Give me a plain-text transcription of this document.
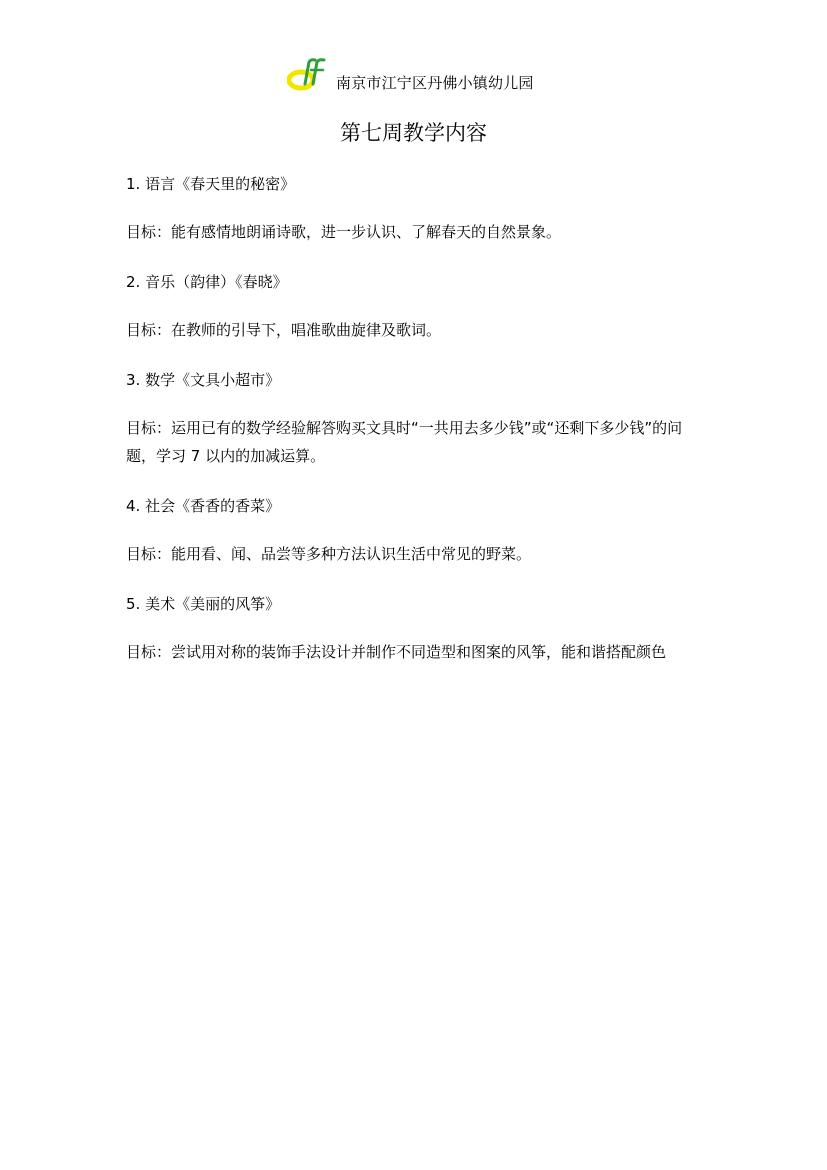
南京市江宁区丹佛小镇幼儿园
第七周教学内容
1. 语言《春天里的秘密》
目标：能有感情地朗诵诗歌，进一步认识、了解春天的自然景象。
2. 音乐（韵律）《春晓》
目标：在教师的引导下，唱准歌曲旋律及歌词。
3. 数学《文具小超市》
目标：运用已有的数学经验解答购买文具时“一共用去多少钱”或“还剩下多少钱”的问题，学习 7 以内的加减运算。
4. 社会《香香的香菜》
目标：能用看、闻、品尝等多种方法认识生活中常见的野菜。
5. 美术《美丽的风筝》
目标：尝试用对称的装饰手法设计并制作不同造型和图案的风筝，能和谐搭配颜色
